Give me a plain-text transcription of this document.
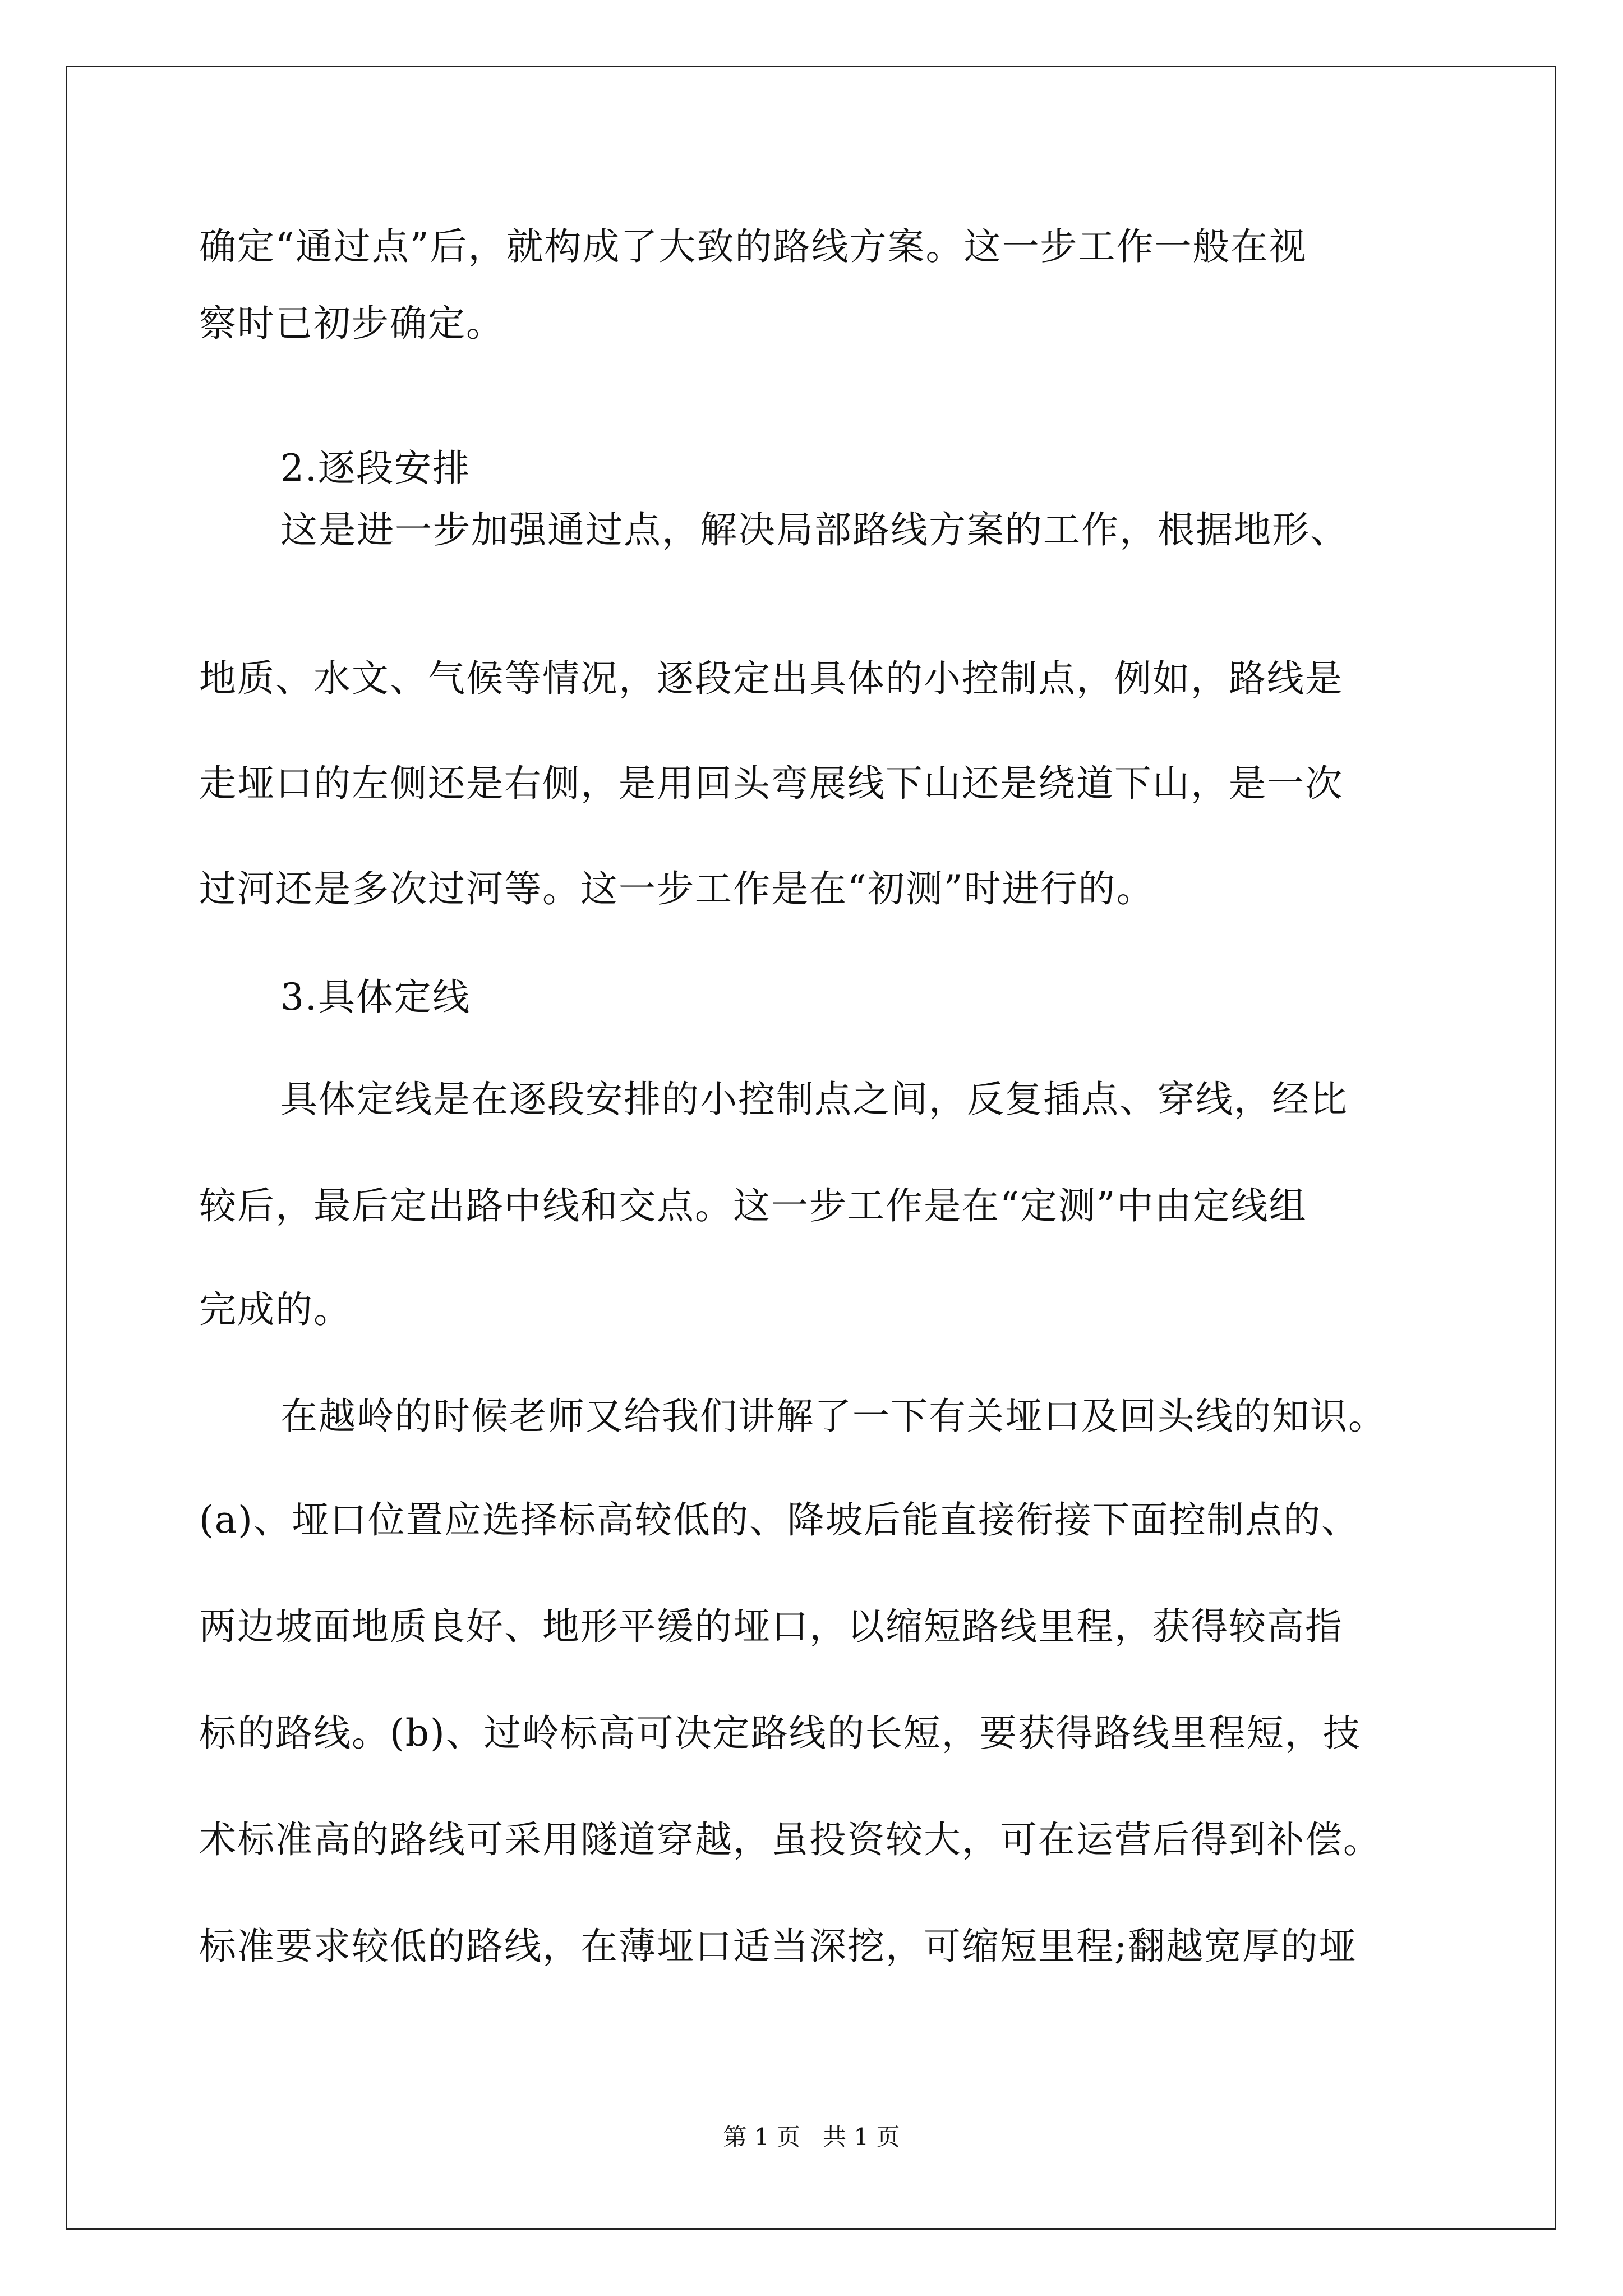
确定“通过点”后，就构成了大致的路线方案。这一步工作一般在视
察时已初步确定。
2.逐段安排
这是进一步加强通过点，解决局部路线方案的工作，根据地形、
地质、水文、气候等情况，逐段定出具体的小控制点，例如，路线是
走垭口的左侧还是右侧，是用回头弯展线下山还是绕道下山，是一次
过河还是多次过河等。这一步工作是在“初测”时进行的。
3.具体定线
具体定线是在逐段安排的小控制点之间，反复插点、穿线，经比
较后，最后定出路中线和交点。这一步工作是在“定测”中由定线组
完成的。
在越岭的时候老师又给我们讲解了一下有关垭口及回头线的知识。
(a)、垭口位置应选择标高较低的、降坡后能直接衔接下面控制点的、
两边坡面地质良好、地形平缓的垭口，以缩短路线里程，获得较高指
标的路线。(b)、过岭标高可决定路线的长短，要获得路线里程短，技
术标准高的路线可采用隧道穿越，虽投资较大，可在运营后得到补偿。
标准要求较低的路线，在薄垭口适当深挖，可缩短里程;翻越宽厚的垭
第 1 页   共 1 页
